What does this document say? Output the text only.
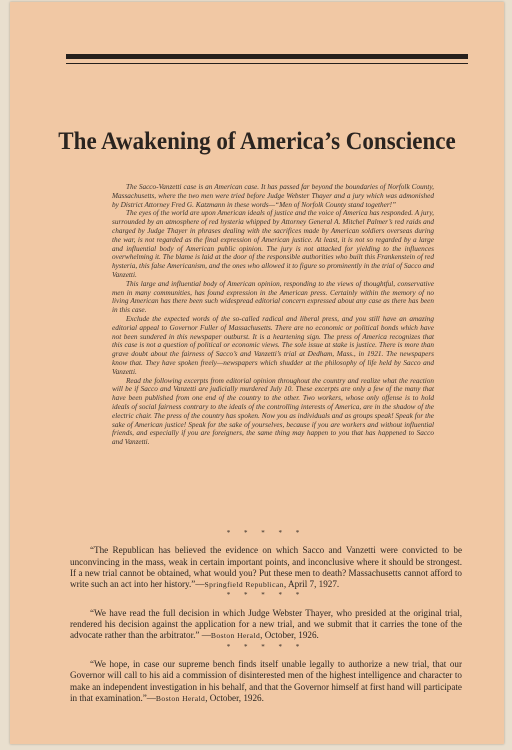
The Awakening of America’s Conscience

The Sacco-Vanzetti case is an American case. It has passed far beyond the boundaries of Norfolk County, Massachusetts, where the two men were tried before Judge Webster Thayer and a jury which was admonished by District Attorney Fred G. Katzmann in these words—“Men of Norfolk County stand together!”

The eyes of the world are upon American ideals of justice and the voice of America has responded. A jury, surrounded by an atmosphere of red hysteria whipped by Attorney General A. Mitchel Palmer’s red raids and charged by Judge Thayer in phrases dealing with the sacrifices made by American soldiers overseas during the war, is not regarded as the final expression of American justice. At least, it is not so regarded by a large and influential body of American public opinion. The jury is not attacked for yielding to the influences overwhelming it. The blame is laid at the door of the responsible authorities who built this Frankenstein of red hysteria, this false Americanism, and the ones who allowed it to figure so prominently in the trial of Sacco and Vanzetti.

This large and influential body of American opinion, responding to the views of thoughtful, conservative men in many communities, has found expression in the American press. Certainly within the memory of no living American has there been such widespread editorial concern expressed about any case as there has been in this case.

Exclude the expected words of the so-called radical and liberal press, and you still have an amazing editorial appeal to Governor Fuller of Massachusetts. There are no economic or political bonds which have not been sundered in this newspaper outburst. It is a heartening sign. The press of America recognizes that this case is not a question of political or economic views. The sole issue at stake is justice. There is more than grave doubt about the fairness of Sacco’s and Vanzetti’s trial at Dedham, Mass., in 1921. The newspapers know that. They have spoken freely—newspapers which shudder at the philosophy of life held by Sacco and Vanzetti.

Read the following excerpts from editorial opinion throughout the country and realize what the reaction will be if Sacco and Vanzetti are judicially murdered July 10. These excerpts are only a few of the many that have been published from one end of the country to the other. Two workers, whose only offense is to hold ideals of social fairness contrary to the ideals of the controlling interests of America, are in the shadow of the electric chair. The press of the country has spoken. Now you as individuals and as groups speak! Speak for the sake of American justice! Speak for the sake of yourselves, because if you are workers and without influential friends, and especially if you are foreigners, the same thing may happen to you that has happened to Sacco and Vanzetti.

* * * * *

“The Republican has believed the evidence on which Sacco and Vanzetti were convicted to be unconvincing in the mass, weak in certain important points, and inconclusive where it should be strongest. If a new trial cannot be obtained, what would you? Put these men to death? Massachusetts cannot afford to write such an act into her history.”—Springfield Republican, April 7, 1927.

* * * * *

“We have read the full decision in which Judge Webster Thayer, who presided at the original trial, rendered his decision against the application for a new trial, and we submit that it carries the tone of the advocate rather than the arbitrator.” —Boston Herald, October, 1926.

* * * * *

“We hope, in case our supreme bench finds itself unable legally to authorize a new trial, that our Governor will call to his aid a commission of disinterested men of the highest intelligence and character to make an independent investigation in his behalf, and that the Governor himself at first hand will participate in that examination.”—Boston Herald, October, 1926.
